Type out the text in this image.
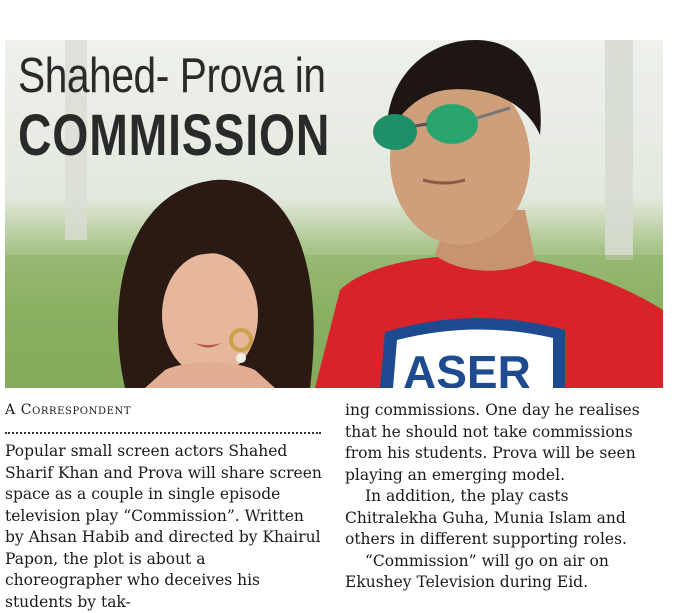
ASER
Shahed- Prova in
COMMISSION
A Correspondent

Popular small screen actors Shahed Sharif Khan and Prova will share screen space as a couple in single episode television play “Commission”. Written by Ahsan Habib and directed by Khairul Papon, the plot is about a choreographer who deceives his students by tak-

ing commissions. One day he realises that he should not take commissions from his students. Prova will be seen playing an emerging model.

In addition, the play casts Chitralekha Guha, Munia Islam and others in different supporting roles.

“Commission” will go on air on Ekushey Television during Eid.
